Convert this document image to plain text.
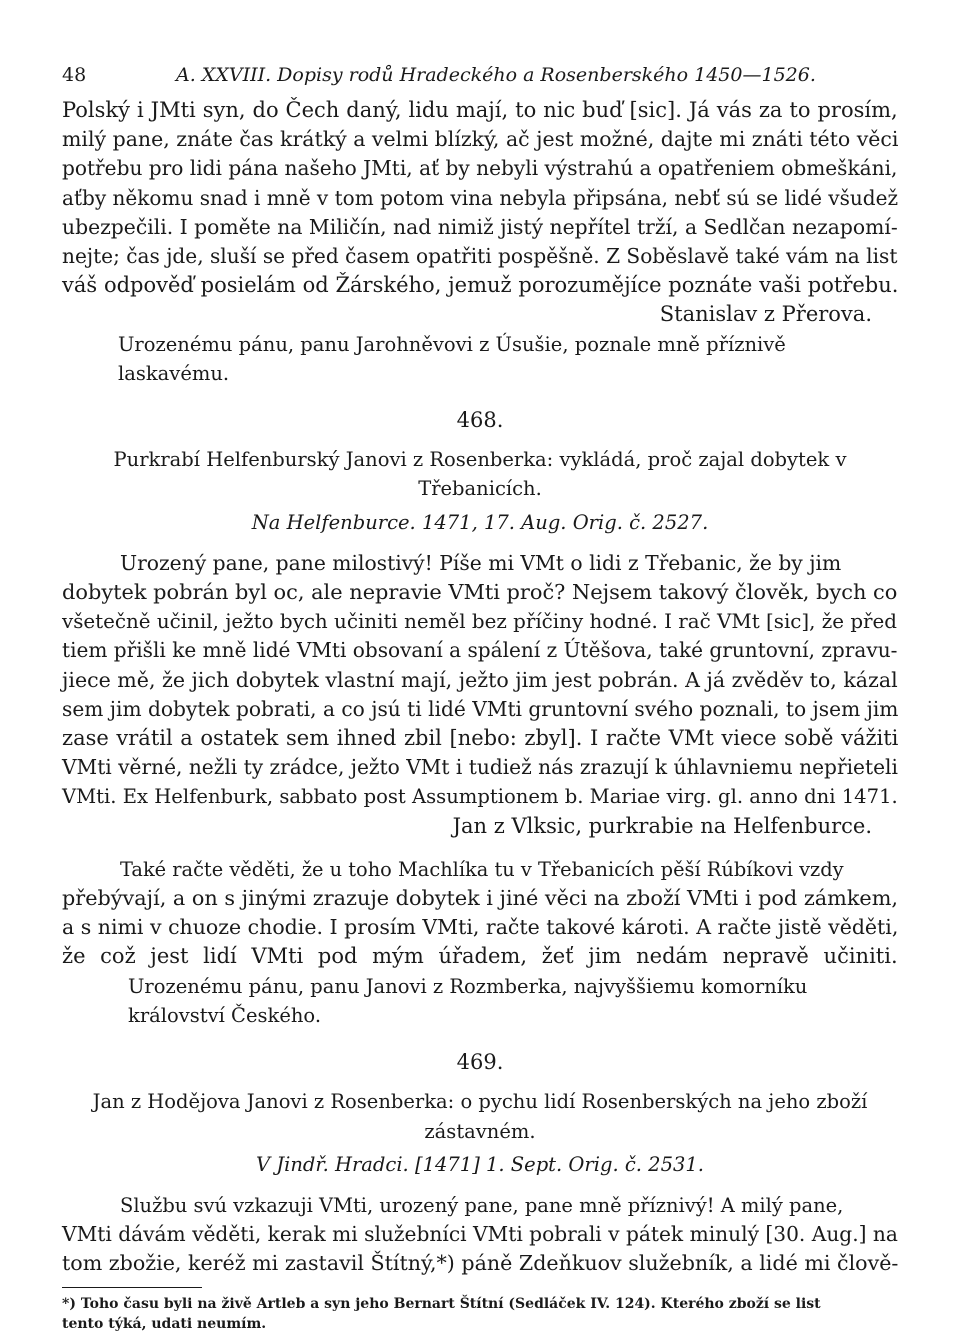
48	A. XXVIII. Dopisy rodů Hradeckého a Rosenberského 1450—1526.
Polský i JMti syn, do Čech daný, lidu mají, to nic buď [sic]. Já vás za to prosím,
milý pane, znáte čas krátký a velmi blízký, ač jest možné, dajte mi znáti této věci
potřebu pro lidi pána našeho JMti, ať by nebyli výstrahú a opatřeniem obmeškáni,
aťby někomu snad i mně v tom potom vina nebyla připsána, nebť sú se lidé všudež
ubezpečili. I poměte na Miličín, nad nimiž jistý nepřítel trží, a Sedlčan nezapomí-
nejte; čas jde, sluší se před časem opatřiti pospěšně. Z Soběslavě také vám na list
váš odpověď posielám od Žárského, jemuž porozumějíce poznáte vaši potřebu.

Stanislav z Přerova.

Urozenému pánu, panu Jarohněvovi z Úsušie, poznale mně příznivě laskavému.

468.

Purkrabí Helfenburský Janovi z Rosenberka: vykládá, proč zajal dobytek v Třebanicích.

Na Helfenburce. 1471, 17. Aug. Orig. č. 2527.

Urozený pane, pane milostivý! Píše mi VMt o lidi z Třebanic, že by jim
dobytek pobrán byl oc, ale nepravie VMti proč? Nejsem takový člověk, bych co
všetečně učinil, ježto bych učiniti neměl bez příčiny hodné. I rač VMt [sic], že před
tiem přišli ke mně lidé VMti obsovaní a spálení z Útěšova, také gruntovní, zpravu-
jiece mě, že jich dobytek vlastní mají, ježto jim jest pobrán. A já zvěděv to, kázal
sem jim dobytek pobrati, a co jsú ti lidé VMti gruntovní svého poznali, to jsem jim
zase vrátil a ostatek sem ihned zbil [nebo: zbyl]. I račte VMt viece sobě vážiti
VMti věrné, nežli ty zrádce, ježto VMt i tudiež nás zrazují k úhlavniemu nepřieteli
VMti. Ex Helfenburk, sabbato post Assumptionem b. Mariae virg. gl. anno dni 1471.

Jan z Vlksic, purkrabie na Helfenburce.

Také račte věděti, že u toho Machlíka tu v Třebanicích pěší Rúbíkovi vzdy
přebývají, a on s jinými zrazuje dobytek i jiné věci na zboží VMti i pod zámkem,
a s nimi v chuoze chodie. I prosím VMti, račte takové károti. A račte jistě věděti,
že což jest lidí VMti pod mým úřadem, žeť jim nedám nepravě učiniti.

Urozenému pánu, panu Janovi z Rozmberka, najvyššiemu komorníku království Českého.

469.

Jan z Hodějova Janovi z Rosenberka: o pychu lidí Rosenberských na jeho zboží zástavném.

V Jindř. Hradci. [1471] 1. Sept. Orig. č. 2531.

Službu svú vzkazuji VMti, urozený pane, pane mně příznivý! A milý pane,
VMti dávám věděti, kerak mi služebníci VMti pobrali v pátek minulý [30. Aug.] na
tom zbožie, keréž mi zastavil Štítný,*) páně Zdeňkuov služebník, a lidé mi člově-
*) Toho času byli na živě Artleb a syn jeho Bernart Štítní (Sedláček IV. 124). Kterého zboží se list
tento týká, udati neumím.
